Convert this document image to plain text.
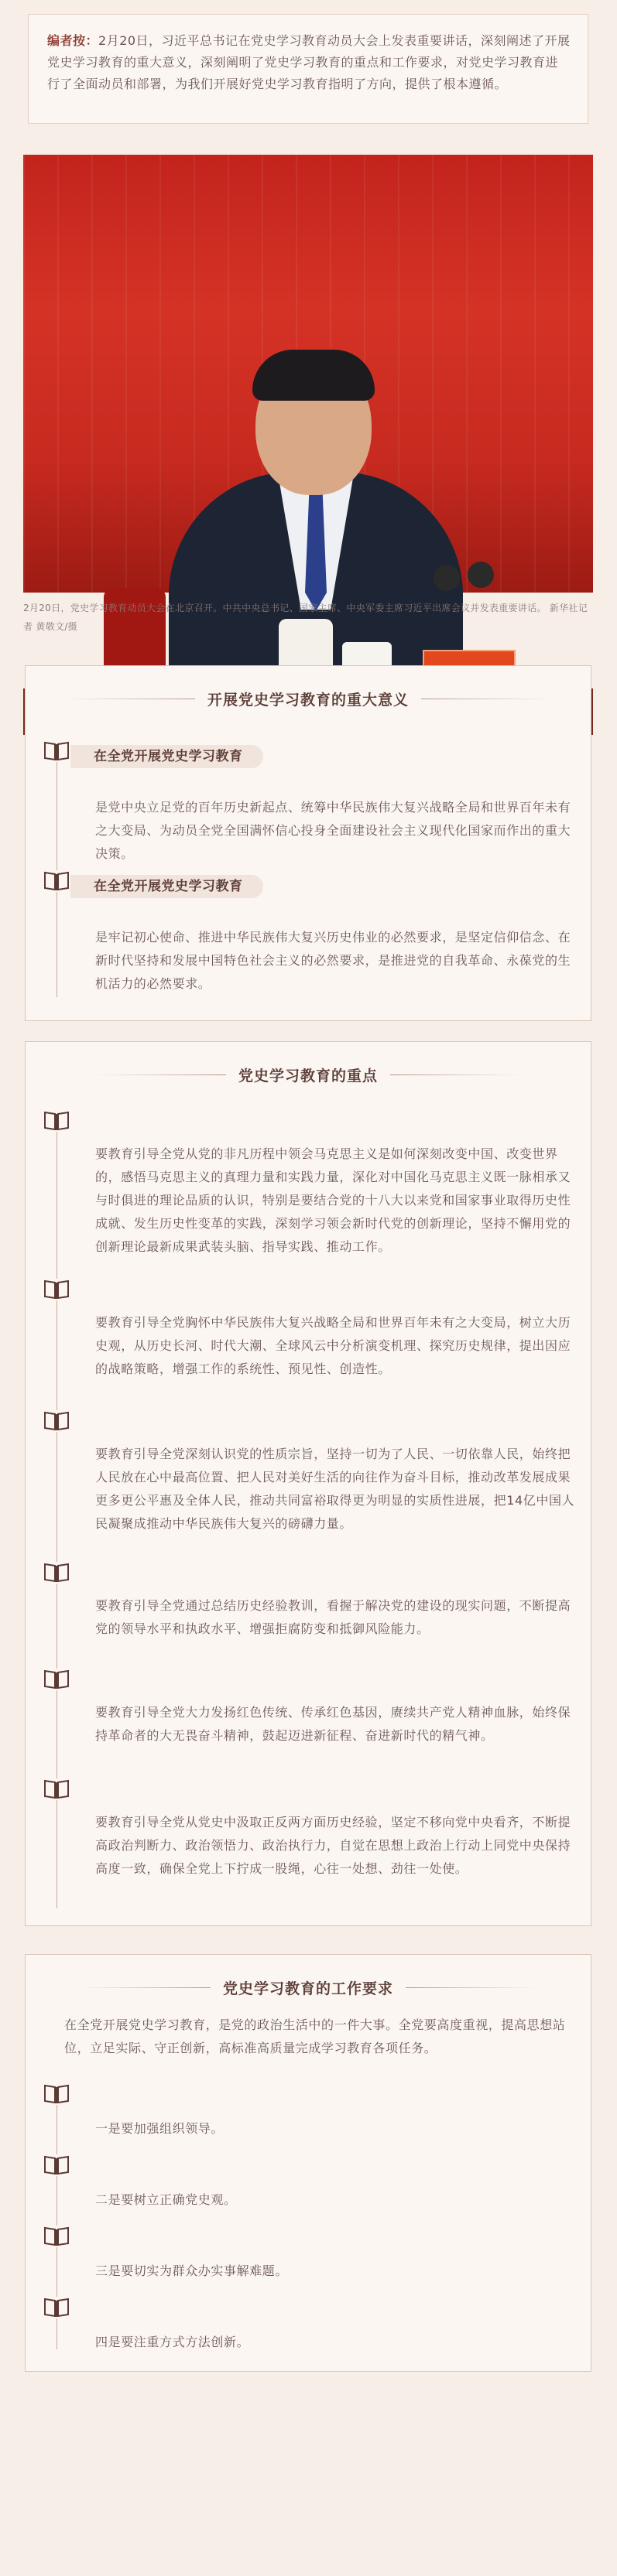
编者按：2月20日，习近平总书记在党史学习教育动员大会上发表重要讲话，深刻阐述了开展党史学习教育的重大意义，深刻阐明了党史学习教育的重点和工作要求，对党史学习教育进行了全面动员和部署，为我们开展好党史学习教育指明了方向，提供了根本遵循。
2月20日，党史学习教育动员大会在北京召开。中共中央总书记、国家主席、中央军委主席习近平出席会议并发表重要讲话。 新华社记者 黄敬文/摄
开展党史学习教育的重大意义
在全党开展党史学习教育
是党中央立足党的百年历史新起点、统筹中华民族伟大复兴战略全局和世界百年未有之大变局、为动员全党全国满怀信心投身全面建设社会主义现代化国家而作出的重大决策。
在全党开展党史学习教育
是牢记初心使命、推进中华民族伟大复兴历史伟业的必然要求，是坚定信仰信念、在新时代坚持和发展中国特色社会主义的必然要求，是推进党的自我革命、永葆党的生机活力的必然要求。
党史学习教育的重点
要教育引导全党从党的非凡历程中领会马克思主义是如何深刻改变中国、改变世界的，感悟马克思主义的真理力量和实践力量，深化对中国化马克思主义既一脉相承又与时俱进的理论品质的认识，特别是要结合党的十八大以来党和国家事业取得历史性成就、发生历史性变革的实践，深刻学习领会新时代党的创新理论，坚持不懈用党的创新理论最新成果武装头脑、指导实践、推动工作。
要教育引导全党胸怀中华民族伟大复兴战略全局和世界百年未有之大变局，树立大历史观，从历史长河、时代大潮、全球风云中分析演变机理、探究历史规律，提出因应的战略策略，增强工作的系统性、预见性、创造性。
要教育引导全党深刻认识党的性质宗旨，坚持一切为了人民、一切依靠人民，始终把人民放在心中最高位置、把人民对美好生活的向往作为奋斗目标，推动改革发展成果更多更公平惠及全体人民，推动共同富裕取得更为明显的实质性进展，把14亿中国人民凝聚成推动中华民族伟大复兴的磅礴力量。
要教育引导全党通过总结历史经验教训，看握于解决党的建设的现实问题，不断提高党的领导水平和执政水平、增强拒腐防变和抵御风险能力。
要教育引导全党大力发扬红色传统、传承红色基因，赓续共产党人精神血脉，始终保持革命者的大无畏奋斗精神，鼓起迈进新征程、奋进新时代的精气神。
要教育引导全党从党史中汲取正反两方面历史经验，坚定不移向党中央看齐，不断提高政治判断力、政治领悟力、政治执行力，自觉在思想上政治上行动上同党中央保持高度一致，确保全党上下拧成一股绳，心往一处想、劲往一处使。
党史学习教育的工作要求
在全党开展党史学习教育，是党的政治生活中的一件大事。全党要高度重视，提高思想站位，立足实际、守正创新，高标准高质量完成学习教育各项任务。
一是要加强组织领导。
二是要树立正确党史观。
三是要切实为群众办实事解难题。
四是要注重方式方法创新。
